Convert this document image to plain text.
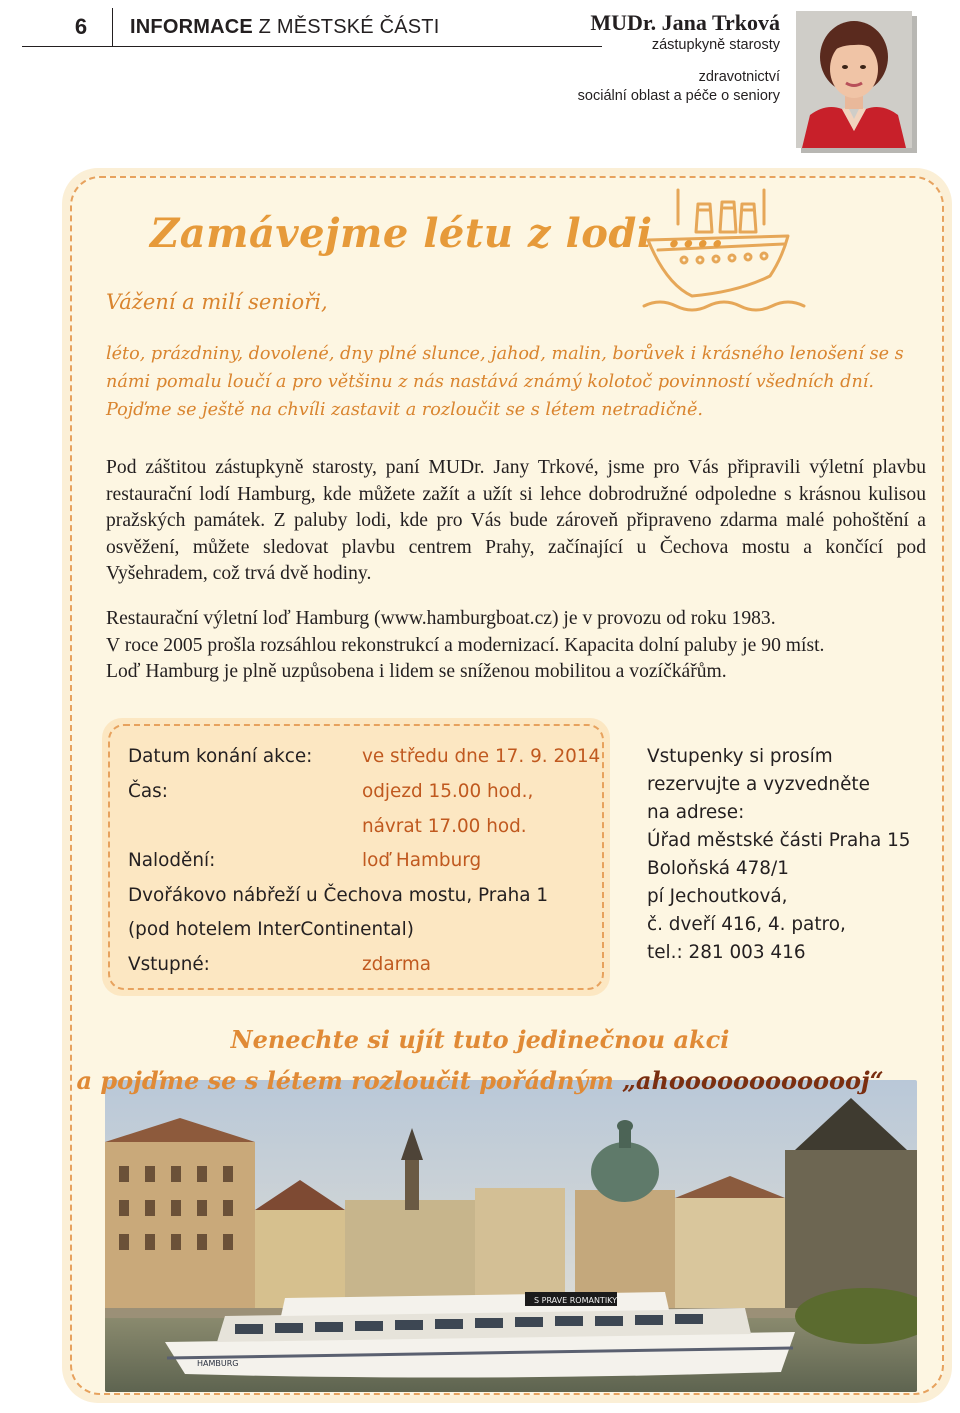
6	INFORMACE Z MĚSTSKÉ ČÁSTI	MUDr. Jana Trková
zástupkyně starosty
zdravotnictví
sociální oblast a péče o seniory
Zamávejme létu z lodi ....
Vážení a milí senioři,
léto, prázdniny, dovolené, dny plné slunce, jahod, malin, borůvek i krásného lenošení se s námi pomalu loučí a pro většinu z nás nastává známý kolotoč povinností všedních dní. Pojďme se ještě na chvíli zastavit a rozloučit se s létem netradičně.
Pod záštitou zástupkyně starosty, paní MUDr. Jany Trkové, jsme pro Vás připravili výletní plavbu restaurační lodí Hamburg, kde můžete zažít a užít si lehce dobrodružné odpoledne s krásnou kulisou pražských památek. Z paluby lodi, kde pro Vás bude zároveň připraveno zdarma malé pohoštění a osvěžení, můžete sledovat plavbu centrem Prahy, začínající u Čechova mostu a končící pod Vyšehradem, což trvá dvě hodiny.
Restaurační výletní loď Hamburg (www.hamburgboat.cz) je v provozu od roku 1983.
V roce 2005 prošla rozsáhlou rekonstrukcí a modernizací. Kapacita dolní paluby je 90 míst.
Loď Hamburg je plně uzpůsobena i lidem se sníženou mobilitou a vozíčkářům.
Datum konání akce:	ve středu dne 17. 9. 2014
Čas:	odjezd 15.00 hod.,
návrat 17.00 hod.
Nalodění:	loď Hamburg
Dvořákovo nábřeží u Čechova mostu, Praha 1
(pod hotelem InterContinental)
Vstupné:	zdarma
Vstupenky si prosím
rezervujte a vyzvedněte
na adrese:
Úřad městské části Praha 15
Boloňská 478/1
pí Jechoutková,
č. dveří 416, 4. patro,
tel.: 281 003 416
S PRAVE ROMANTIKY
HAMBURG
Nenechte si ujít tuto jedinečnou akci
a pojďme se s létem rozloučit pořádným „ahooooooooooooj“
